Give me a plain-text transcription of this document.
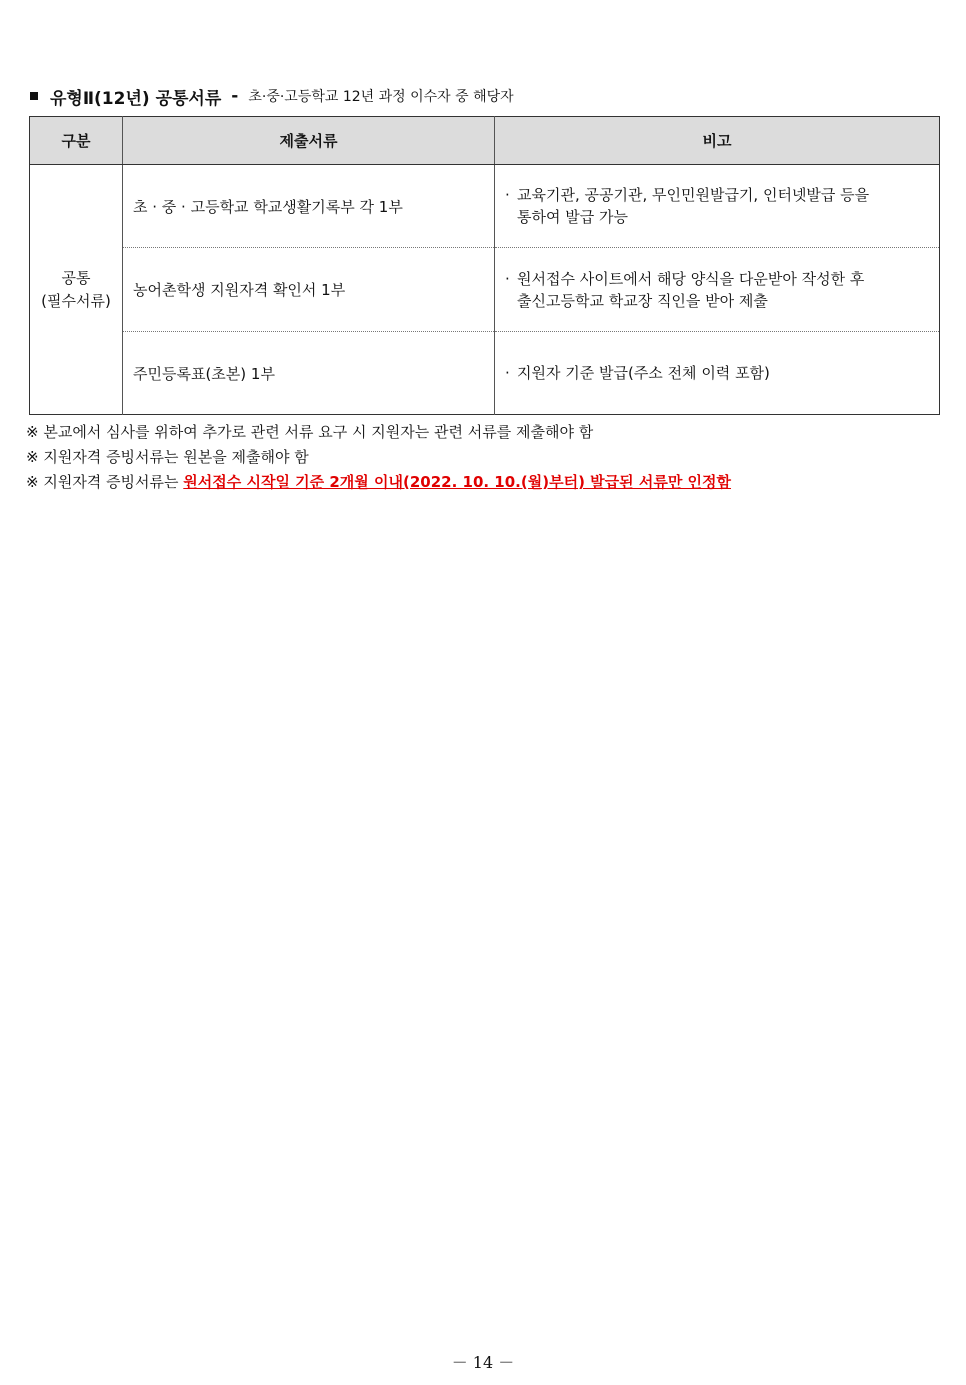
유형Ⅱ(12년) 공통서류 - 초·중·고등학교 12년 과정 이수자 중 해당자
구분	제출서류	비고
공통
(필수서류)	초 · 중 · 고등학교 학교생활기록부 각 1부	· 교육기관, 공공기관, 무인민원발급기, 인터넷발급 등을
통하여 발급 가능

	농어촌학생 지원자격 확인서 1부	· 원서접수 사이트에서 해당 양식을 다운받아 작성한 후
출신고등학교 학교장 직인을 받아 제출

	주민등록표(초본) 1부	· 지원자 기준 발급(주소 전체 이력 포함)
※ 본교에서 심사를 위하여 추가로 관련 서류 요구 시 지원자는 관련 서류를 제출해야 함
※ 지원자격 증빙서류는 원본을 제출해야 함
※ 지원자격 증빙서류는 원서접수 시작일 기준 2개월 이내(2022. 10. 10.(월)부터) 발급된 서류만 인정함
－ 14 －
